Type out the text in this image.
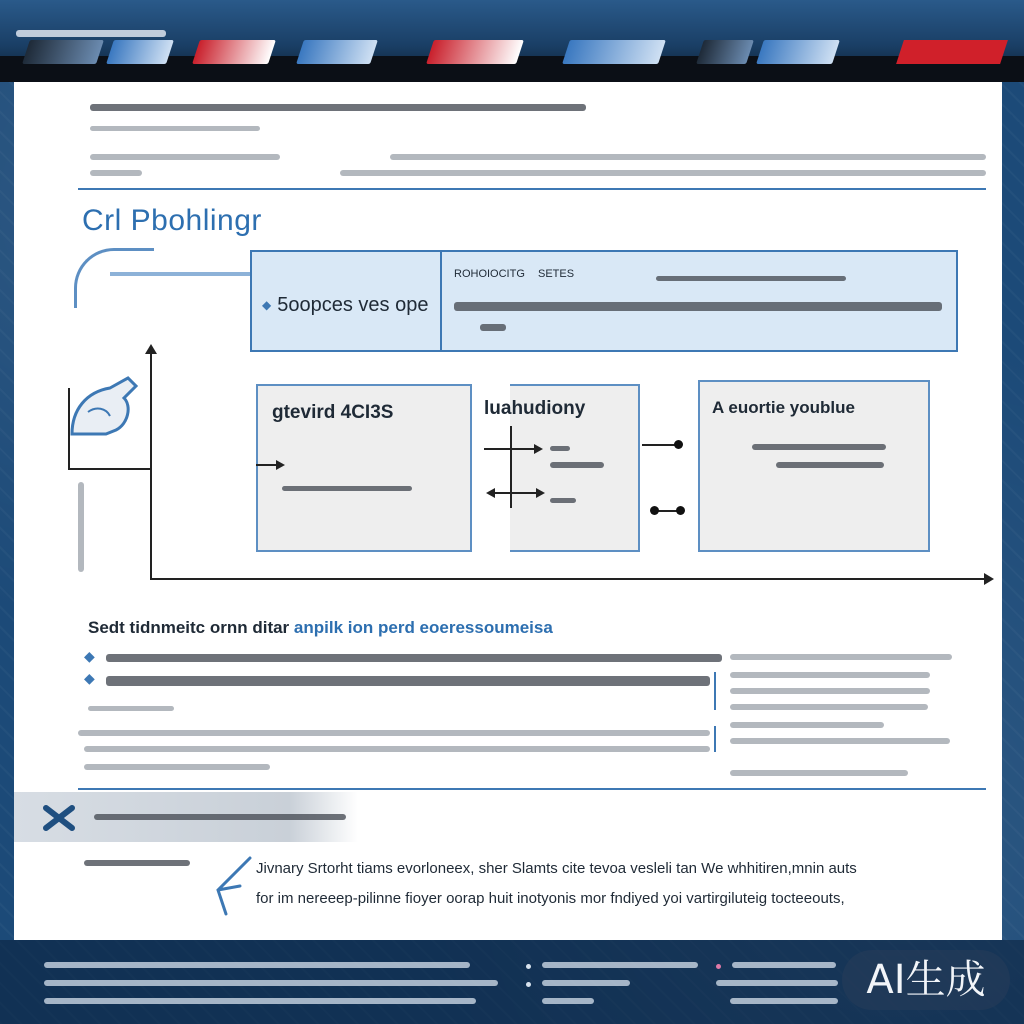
Crl Pbohlingr
◆ 5oopces ves ope
ROHOIOCITG SETES
gtevird 4CI3S	luahudiony	A euortie youblue
Sedt tidnmeitc ornn ditar anpilk ion perd eoeressoumeisa
◆
◆
Jivnary Srtorht tiams evorloneex, sher Slamts cite tevoa vesleli tan We whhitiren,mnin auts
for im nereeep-pilinne fioyer oorap huit inotyonis mor fndiyed yoi vartirgiluteig tocteeouts,
AI生成
